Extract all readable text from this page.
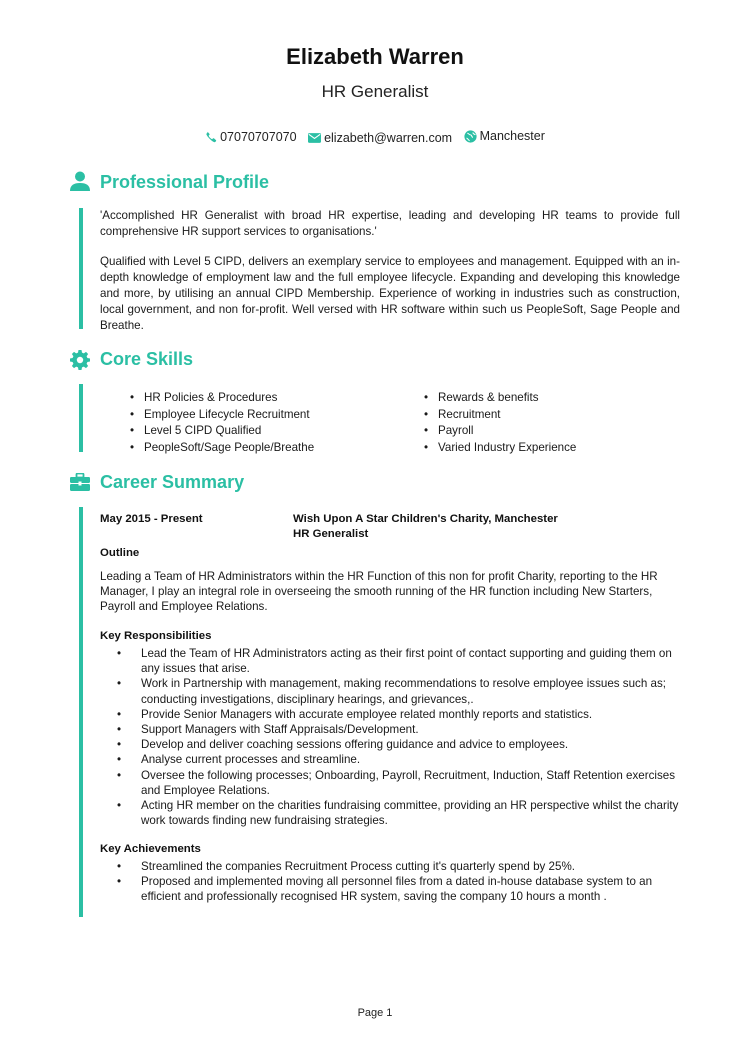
Elizabeth Warren
HR Generalist
07070707070
elizabeth@warren.com
Manchester
Professional Profile

'Accomplished HR Generalist with broad HR expertise, leading and developing HR teams to provide full comprehensive HR support services to organisations.'

Qualified with Level 5 CIPD, delivers an exemplary service to employees and management. Equipped with an in-depth knowledge of employment law and the full employee lifecycle. Expanding and developing this knowledge and more, by utilising an annual CIPD Membership. Experience of working in industries such as construction, local government, and non for-profit. Well versed with HR software within such us PeopleSoft, Sage People and Breathe.

Core Skills
• HR Policies & Procedures
• Employee Lifecycle Recruitment
• Level 5 CIPD Qualified
• PeopleSoft/Sage People/Breathe
• Rewards & benefits
• Recruitment
• Payroll
• Varied Industry Experience
Career Summary
May 2015 - Present	Wish Upon A Star Children's Charity, Manchester
HR Generalist
Outline

Leading a Team of HR Administrators within the HR Function of this non for profit Charity, reporting to the HR Manager, I play an integral role in overseeing the smooth running of the HR function including New Starters, Payroll and Employee Relations.

Key Responsibilities
• Lead the Team of HR Administrators acting as their first point of contact supporting and guiding them on any issues that arise.
• Work in Partnership with management, making recommendations to resolve employee issues such as; conducting investigations, disciplinary hearings, and grievances,.
• Provide Senior Managers with accurate employee related monthly reports and statistics.
• Support Managers with Staff Appraisals/Development.
• Develop and deliver coaching sessions offering guidance and advice to employees.
• Analyse current processes and streamline.
• Oversee the following processes; Onboarding, Payroll, Recruitment, Induction, Staff Retention exercises and Employee Relations.
• Acting HR member on the charities fundraising committee, providing an HR perspective whilst the charity work towards finding new fundraising strategies.
Key Achievements
• Streamlined the companies Recruitment Process cutting it's quarterly spend by 25%.
• Proposed and implemented moving all personnel files from a dated in-house database system to an efficient and professionally recognised HR system, saving the company 10 hours a month .
Page 1
